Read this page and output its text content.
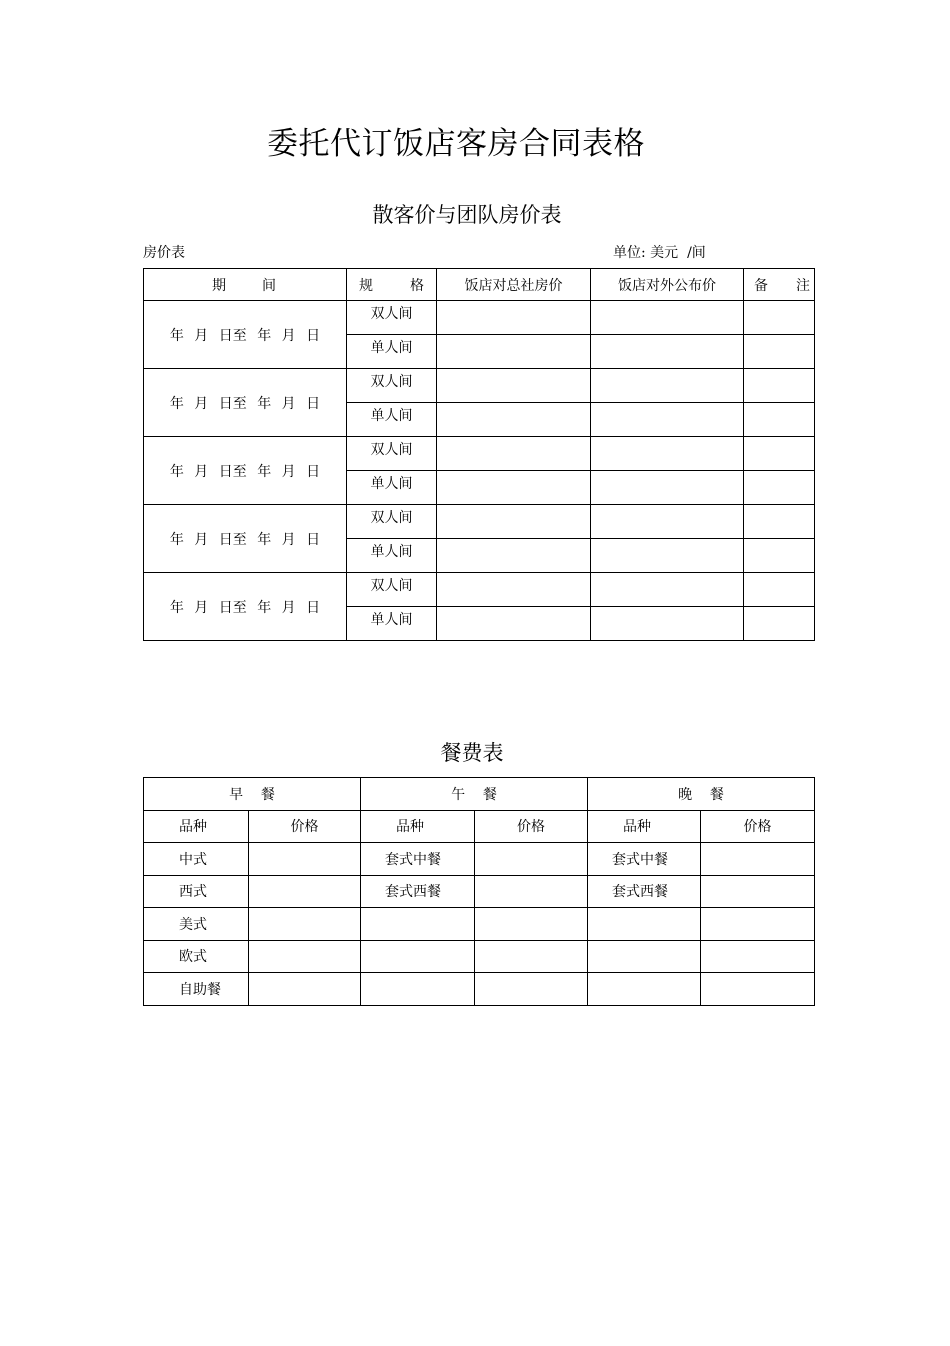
委托代订饭店客房合同表格
散客价与团队房价表
房价表	单位: 美元  /间
期 间	规 格	饭店对总社房价	饭店对外公布价	备 注
年 月 日至 年 月 日	双人间			
	单人间			
年 月 日至 年 月 日	双人间			
	单人间			
年 月 日至 年 月 日	双人间			
	单人间			
年 月 日至 年 月 日	双人间			
	单人间			
年 月 日至 年 月 日	双人间			
	单人间			
餐费表
早    餐		午    餐		晚    餐	
品种	价格	品种	价格	品种	价格
中式		套式中餐		套式中餐	
西式		套式西餐		套式西餐	
美式					
欧式					
自助餐					
